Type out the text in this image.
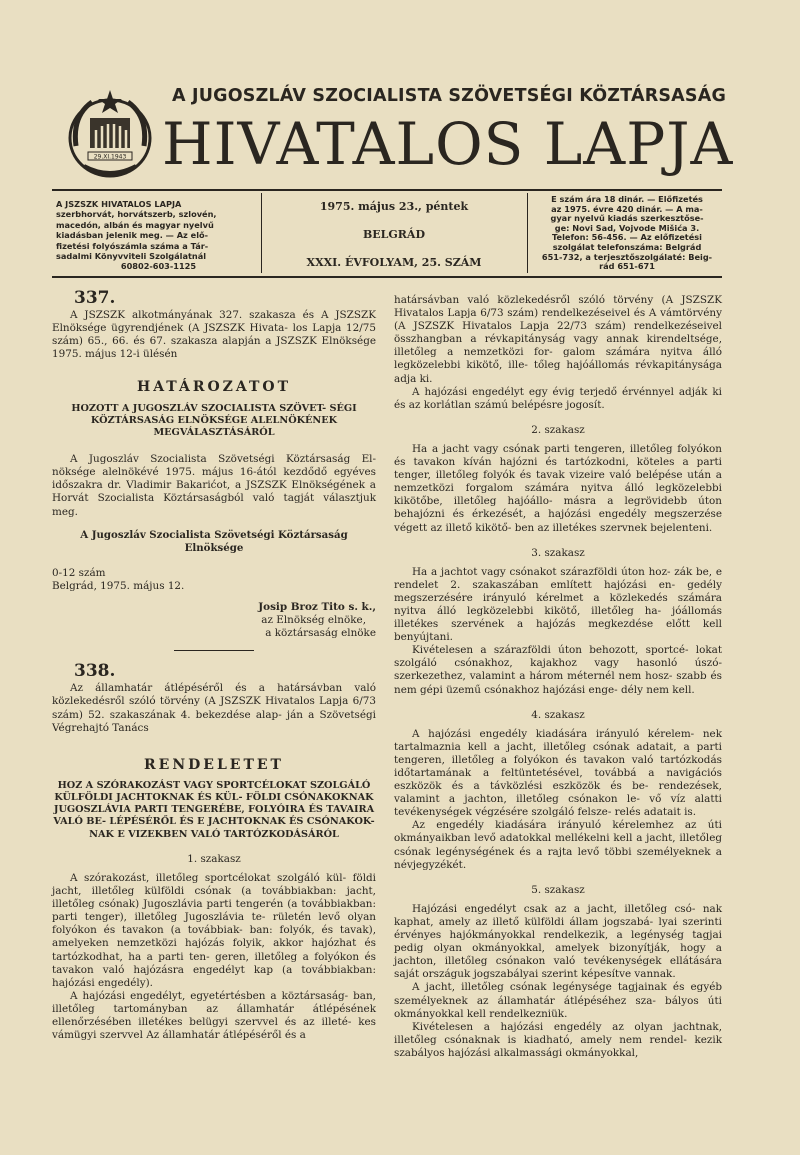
29.XI.1943
A JUGOSZLÁV SZOCIALISTA SZÖVETSÉGI KÖZTÁRSASÁG
HIVATALOS LAPJA
A JSZSZK HIVATALOS LAPJA
szerbhorvát, horvátszerb, szlovén,
macedón, albán és magyar nyelvű
kiadásban jelenik meg. — Az elő-
fizetési folyószámla száma a Tár-
sadalmi Könyvviteli Szolgálatnál
60802-603-1125
1975. május 23., péntek
BELGRÁD
XXXI. ÉVFOLYAM, 25. SZÁM
E szám ára 18 dinár. — Előfizetés
az 1975. évre 420 dinár. — A ma-
gyar nyelvű kiadás szerkesztőse-
ge: Novi Sad, Vojvode Mišića 3.
Telefon: 56-456. — Az előfizetési
szolgálat telefonszáma: Belgrád
651-732, a terjesztőszolgálaté: Beig-
rád 651-671
337.
A JSZSZK alkotmányának 327. szakasza és A JSZSZK Elnöksége ügyrendjének (A JSZSZK Hivata- los Lapja 12/75 szám) 65., 66. és 67. szakasza alapján a JSZSZK Elnöksége 1975. május 12-i ülésén
HATÁROZATOT
HOZOTT A JUGOSZLÁV SZOCIALISTA SZÖVET- SÉGI KÖZTÁRSASÁG ELNÖKSÉGE ALELNÖKÉNEK MEGVÁLASZTÁSÁRÓL
A Jugoszláv Szocialista Szövetségi Köztársaság El- nöksége alelnökévé 1975. május 16-ától kezdődő egyéves időszakra dr. Vladimir Bakarićot, a JSZSZK Elnökségének a Horvát Szocialista Köztársaságból való tagját választjuk meg.
A Jugoszláv Szocialista Szövetségi Köztársaság Elnöksége
0-12 szám
Belgrád, 1975. május 12.
Josip Broz Tito s. k.,
az Elnökség elnöke,
a köztársaság elnöke
338.
Az államhatár átlépéséről és a határsávban való közlekedésről szóló törvény (A JSZSZK Hivatalos Lapja 6/73 szám) 52. szakaszának 4. bekezdése alap- ján a Szövetségi Végrehajtó Tanács
RENDELETET
HOZ A SZÓRAKOZÁST VAGY SPORTCÉLOKAT SZOLGÁLÓ KÜLFÖLDI JACHTOKNAK ÉS KÜL- FÖLDI CSÓNAKOKNAK JUGOSZLÁVIA PARTI TENGERÉBE, FOLYÓIRA ÉS TAVAIRA VALÓ BE- LÉPÉSÉRŐL ÉS E JACHTOKNAK ÉS CSÓNAKOK- NAK E VIZEKBEN VALÓ TARTÓZKODÁSÁRÓL
1. szakasz
A szórakozást, illetőleg sportcélokat szolgáló kül- földi jacht, illetőleg külföldi csónak (a továbbiakban: jacht, illetőleg csónak) Jugoszlávia parti tengerén (a továbbiakban: parti tenger), illetőleg Jugoszlávia te- rületén levő olyan folyókon és tavakon (a továbbiak- ban: folyók, és tavak), amelyeken nemzetközi hajózás folyik, akkor hajózhat és tartózkodhat, ha a parti ten- geren, illetőleg a folyókon és tavakon való hajózásra engedélyt kap (a továbbiakban: hajózási engedély).
A hajózási engedélyt, egyetértésben a köztársaság- ban, illetőleg tartományban az államhatár átlépésének ellenőrzésében illetékes belügyi szervvel és az illeté- kes vámügyi szervvel Az államhatár átlépéséről és a
határsávban való közlekedésről szóló törvény (A JSZSZK Hivatalos Lapja 6/73 szám) rendelkezéseivel és A vámtörvény (A JSZSZK Hivatalos Lapja 22/73 szám) rendelkezéseivel összhangban a révkapitányság vagy annak kirendeltsége, illetőleg a nemzetközi for- galom számára nyitva álló legközelebbi kikötő, ille- tőleg hajóállomás révkapitánysága adja ki.
A hajózási engedélyt egy évig terjedő érvénnyel adják ki és az korlátlan számú belépésre jogosít.
2. szakasz
Ha a jacht vagy csónak parti tengeren, illetőleg folyókon és tavakon kíván hajózni és tartózkodni, köteles a parti tenger, illetőleg folyók és tavak vizeire való belépése után a nemzetközi forgalom számára nyitva álló legközelebbi kikötőbe, illetőleg hajóállo- másra a legrövidebb úton behajózni és érkezését, a hajózási engedély megszerzése végett az illető kikötő- ben az illetékes szervnek bejelenteni.
3. szakasz
Ha a jachtot vagy csónakot szárazföldi úton hoz- zák be, e rendelet 2. szakaszában említett hajózási en- gedély megszerzésére irányuló kérelmet a közlekedés számára nyitva álló legközelebbi kikötő, illetőleg ha- jóállomás illetékes szervének a hajózás megkezdése előtt kell benyújtani.
Kivételesen a szárazföldi úton behozott, sportcé- lokat szolgáló csónakhoz, kajakhoz vagy hasonló úszó- szerkezethez, valamint a három méternél nem hosz- szabb és nem gépi üzemű csónakhoz hajózási enge- dély nem kell.
4. szakasz
A hajózási engedély kiadására irányuló kérelem- nek tartalmaznia kell a jacht, illetőleg csónak adatait, a parti tengeren, illetőleg a folyókon és tavakon való tartózkodás időtartamának a feltüntetésével, továbbá a navigációs eszközök és a távközlési eszközök és be- rendezések, valamint a jachton, illetőleg csónakon le- vő víz alatti tevékenységek végzésére szolgáló felsze- relés adatait is.
Az engedély kiadására irányuló kérelemhez az úti okmányaikban levő adatokkal mellékelni kell a jacht, illetőleg csónak legénységének és a rajta levő többi személyeknek a névjegyzékét.
5. szakasz
Hajózási engedélyt csak az a jacht, illetőleg csó- nak kaphat, amely az illető külföldi állam jogszabá- lyai szerinti érvényes hajókmányokkal rendelkezik, a legénység tagjai pedig olyan okmányokkal, amelyek bizonyítják, hogy a jachton, illetőleg csónakon való tevékenységek ellátására saját országuk jogszabályai szerint képesítve vannak.
A jacht, illetőleg csónak legénysége tagjainak és egyéb személyeknek az államhatár átlépéséhez sza- bályos úti okmányokkal kell rendelkezniük.
Kivételesen a hajózási engedély az olyan jachtnak, illetőleg csónaknak is kiadható, amely nem rendel- kezik szabályos hajózási alkalmassági okmányokkal,
